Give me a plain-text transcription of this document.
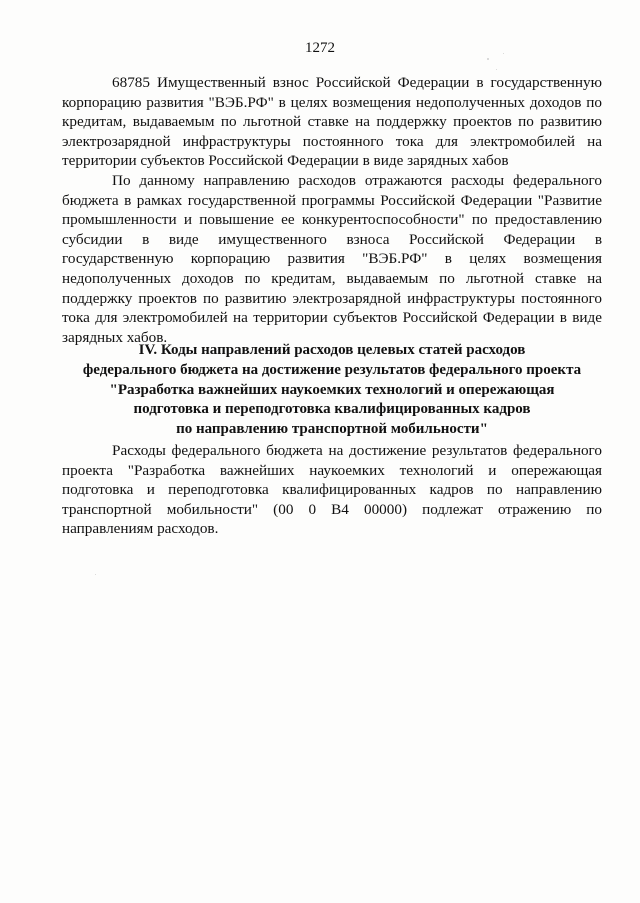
1272

68785 Имущественный взнос Российской Федерации в государственную корпорацию развития "ВЭБ.РФ" в целях возмещения недополученных доходов по кредитам, выдаваемым по льготной ставке на поддержку проектов по развитию электрозарядной инфраструктуры постоянного тока для электромобилей на территории субъектов Российской Федерации в виде зарядных хабов

По данному направлению расходов отражаются расходы федерального бюджета в рамках государственной программы Российской Федерации "Развитие промышленности и повышение ее конкурентоспособности" по предоставлению субсидии в виде имущественного взноса Российской Федерации в государственную корпорацию развития "ВЭБ.РФ" в целях возмещения недополученных доходов по кредитам, выдаваемым по льготной ставке на поддержку проектов по развитию электрозарядной инфраструктуры постоянного тока для электромобилей на территории субъектов Российской Федерации в виде зарядных хабов.

IV. Коды направлений расходов целевых статей расходов
федерального бюджета на достижение результатов федерального проекта
"Разработка важнейших наукоемких технологий и опережающая
подготовка и переподготовка квалифицированных кадров
по направлению транспортной мобильности"

Расходы федерального бюджета на достижение результатов федерального проекта "Разработка важнейших наукоемких технологий и опережающая подготовка и переподготовка квалифицированных кадров по направлению транспортной мобильности" (00 0 В4 00000) подлежат отражению по направлениям расходов.
